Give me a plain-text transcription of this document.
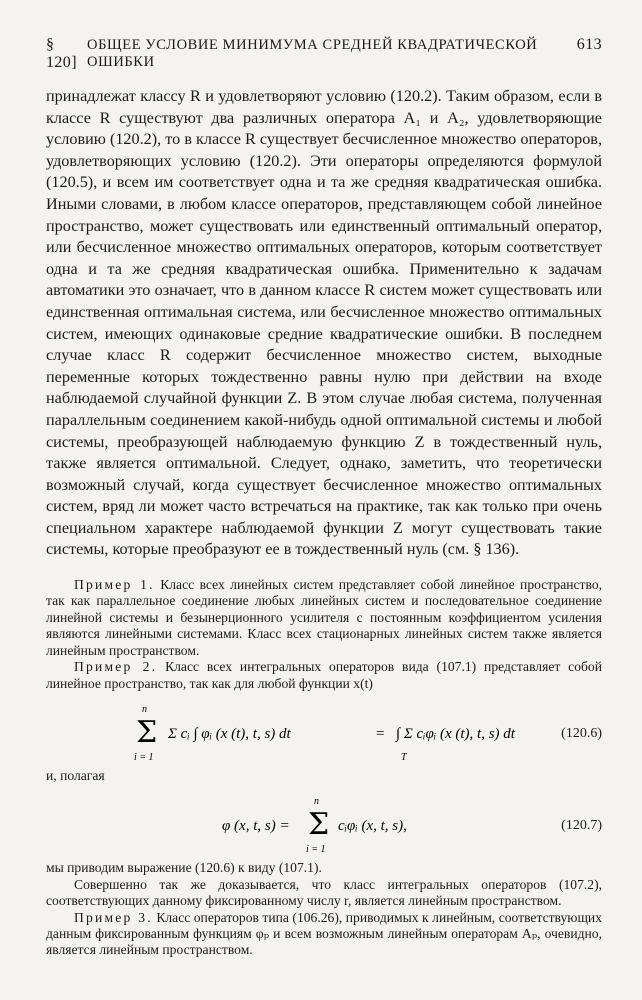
§ 120]
ОБЩЕЕ УСЛОВИЕ МИНИМУМА СРЕДНЕЙ КВАДРАТИЧЕСКОЙ ОШИБКИ
613

принадлежат классу R и удовлетворяют условию (120.2). Таким образом, если в классе R существуют два различных оператора A₁ и A₂, удовлетворяющие условию (120.2), то в классе R существует бесчисленное множество операторов, удовлетворяющих условию (120.2). Эти операторы определяются формулой (120.5), и всем им соответствует одна и та же средняя квадратическая ошибка. Иными словами, в любом классе операторов, представляющем собой линейное пространство, может существовать или единственный оптимальный оператор, или бесчисленное множество оптимальных операторов, которым соответствует одна и та же средняя квадратическая ошибка. Применительно к задачам автоматики это означает, что в данном классе R систем может существовать или единственная оптимальная система, или бесчисленное множество оптимальных систем, имеющих одинаковые средние квадратические ошибки. В последнем случае класс R содержит бесчисленное множество систем, выходные переменные которых тождественно равны нулю при действии на входе наблюдаемой случайной функции Z. В этом случае любая система, полученная параллельным соединением какой-нибудь одной оптимальной системы и любой системы, преобразующей наблюдаемую функцию Z в тождественный нуль, также является оптимальной. Следует, однако, заметить, что теоретически возможный случай, когда существует бесчисленное множество оптимальных систем, вряд ли может часто встречаться на практике, так как только при очень специальном характере наблюдаемой функции Z могут существовать такие системы, которые преобразуют ее в тождественный нуль (см. § 136).

Пример 1. Класс всех линейных систем представляет собой линейное пространство, так как параллельное соединение любых линейных систем и последовательное соединение линейной системы и безынерционного усилителя с постоянным коэффициентом усиления являются линейными системами. Класс всех стационарных линейных систем также является линейным пространством.

Пример 2. Класс всех интегральных операторов вида (107.1) представляет собой линейное пространство, так как для любой функции x(t)

n
Σ
i = 1
Σ cᵢ ∫ φᵢ (x (t), t, s) dt	= ∫ Σ cᵢφᵢ (x (t), t, s) dt
T
(120.6)

и, полагая

φ (x, t, s) =
n
Σ
i = 1
cᵢφᵢ (x, t, s),	(120.7)

мы приводим выражение (120.6) к виду (107.1).

Совершенно так же доказывается, что класс интегральных операторов (107.2), соответствующих данному фиксированному числу r, является линейным пространством.

Пример 3. Класс операторов типа (106.26), приводимых к линейным, соответствующих данным фиксированным функциям φₚ и всем возможным линейным операторам Aₚ, очевидно, является линейным пространством.
